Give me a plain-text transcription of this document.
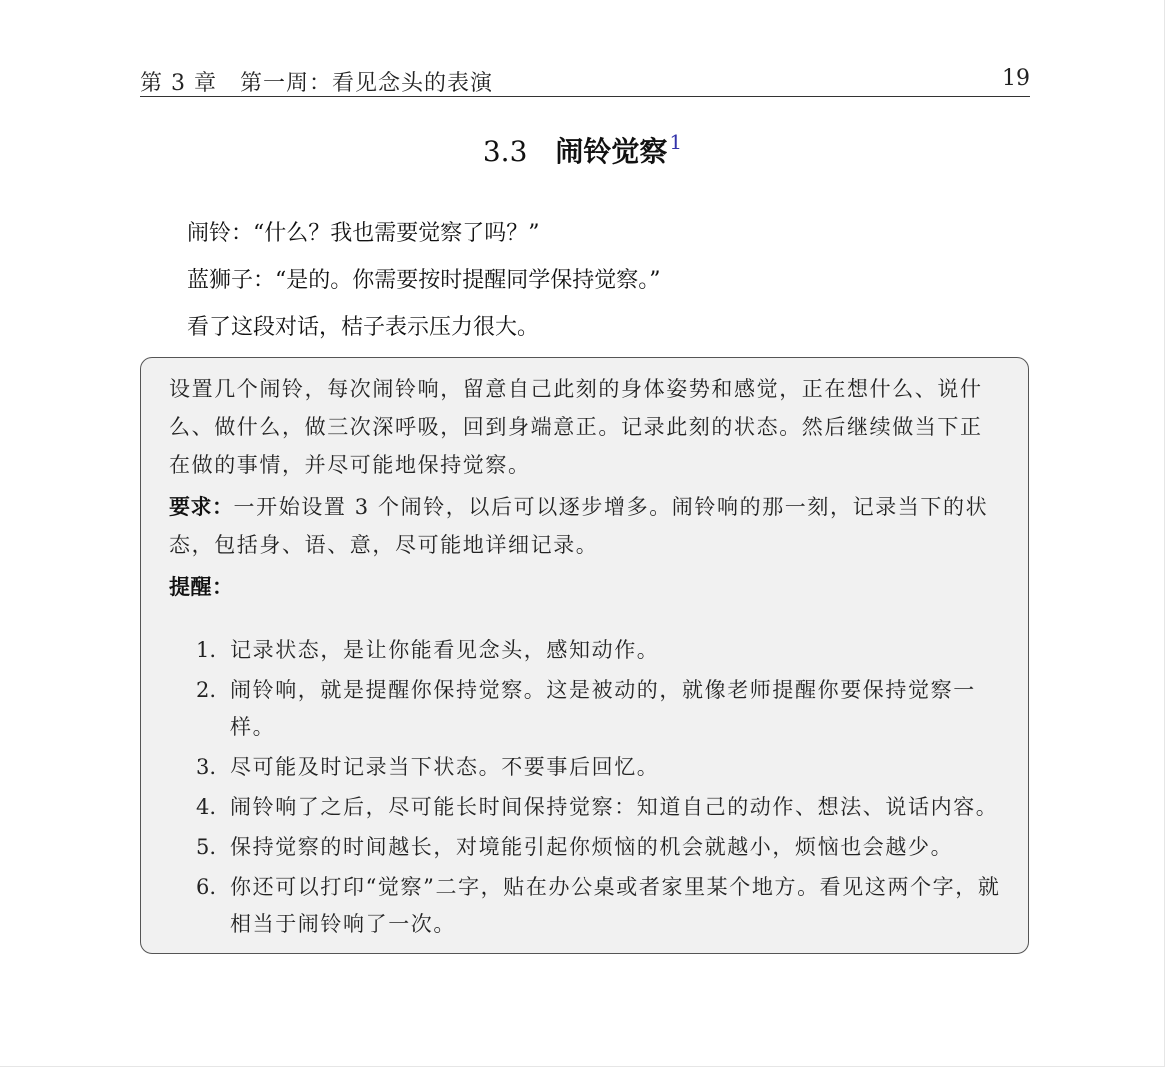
第 3 章　第一周：看见念头的表演	19
3.3 闹铃觉察 $^1$

闹铃：“什么？我也需要觉察了吗？”

蓝狮子：“是的。你需要按时提醒同学保持觉察。”

看了这段对话，桔子表示压力很大。

设置几个闹铃，每次闹铃响，留意自己此刻的身体姿势和感觉，正在想什么、说什么、做什么，做三次深呼吸，回到身端意正。记录此刻的状态。然后继续做当下正在做的事情，并尽可能地保持觉察。

要求：一开始设置 3 个闹铃，以后可以逐步增多。闹铃响的那一刻，记录当下的状态，包括身、语、意，尽可能地详细记录。

提醒：

1. 记录状态，是让你能看见念头，感知动作。
2. 闹铃响，就是提醒你保持觉察。这是被动的，就像老师提醒你要保持觉察一样。
3. 尽可能及时记录当下状态。不要事后回忆。
4. 闹铃响了之后，尽可能长时间保持觉察：知道自己的动作、想法、说话内容。
5. 保持觉察的时间越长，对境能引起你烦恼的机会就越小，烦恼也会越少。
6. 你还可以打印“觉察”二字，贴在办公桌或者家里某个地方。看见这两个字，就相当于闹铃响了一次。
